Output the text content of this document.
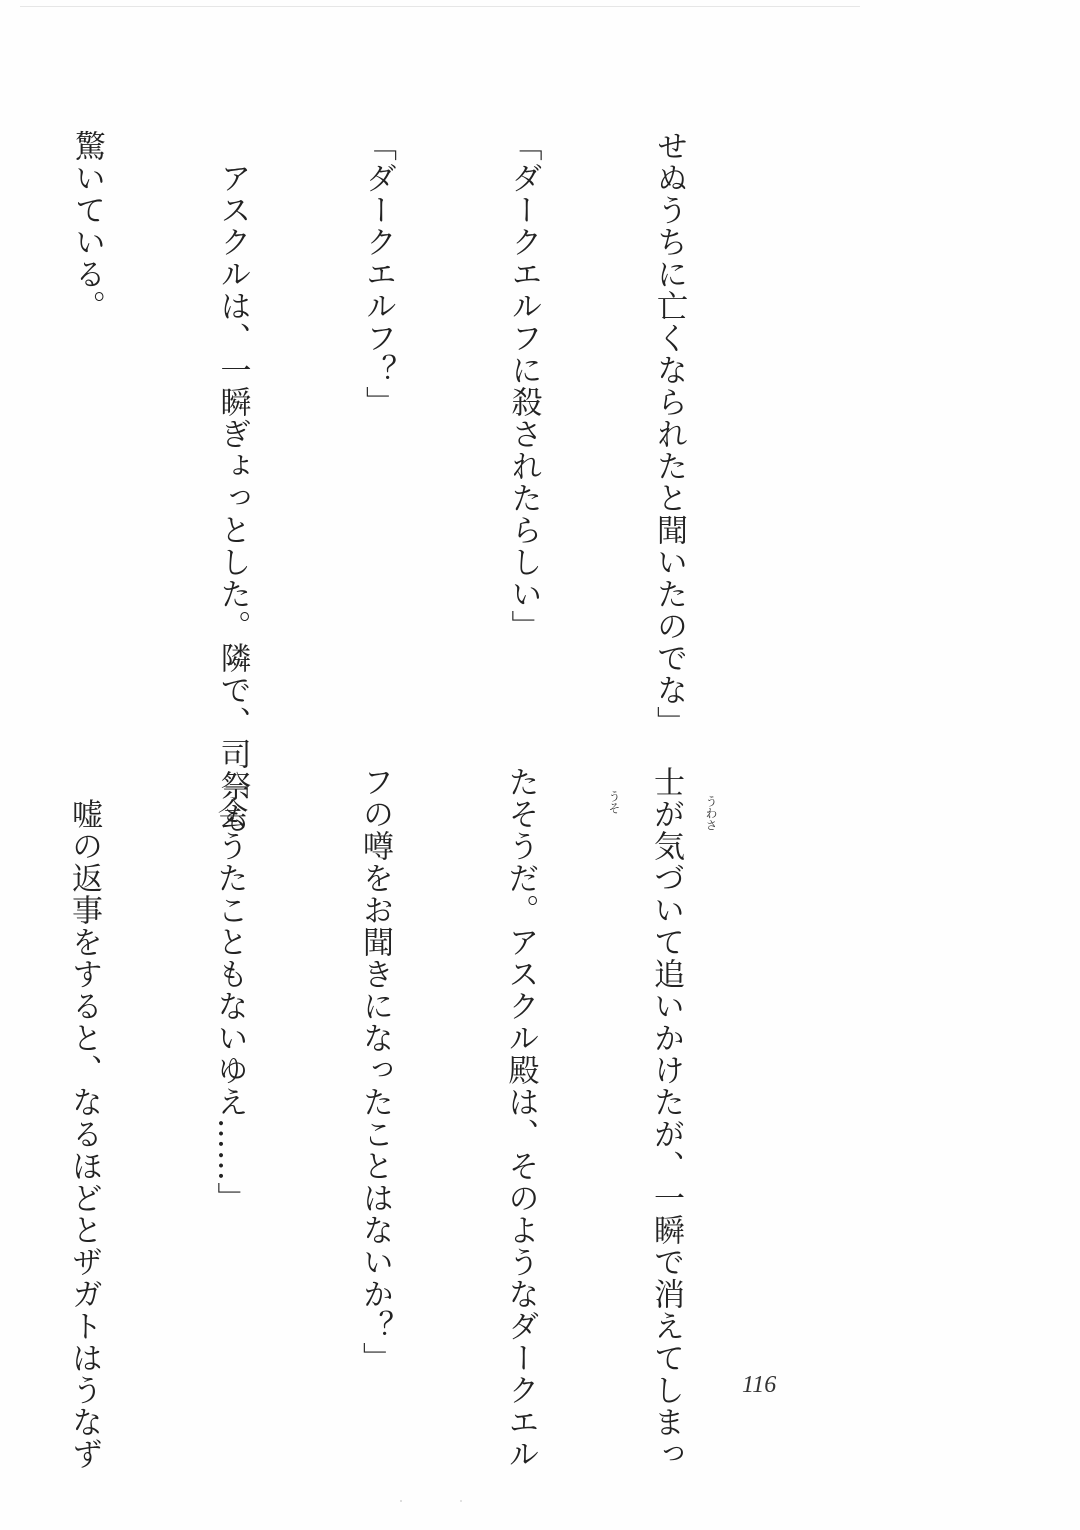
せぬうちに亡くなられたと聞いたのでな」

「ダークエルフに殺されたらしい」

「ダークエルフ？」

　アスクルは、一瞬ぎょっとした。隣で、司祭も

驚いている。

士が気づいて追いかけたが、一瞬で消えてしまっ

たそうだ。アスクル殿は、そのようなダークエル

フの噂をお聞きになったことはないか？」

「会うたこともないゆえ……」

　嘘の返事をすると、なるほどとザガトはうなず

	うわさ
うそ
116
